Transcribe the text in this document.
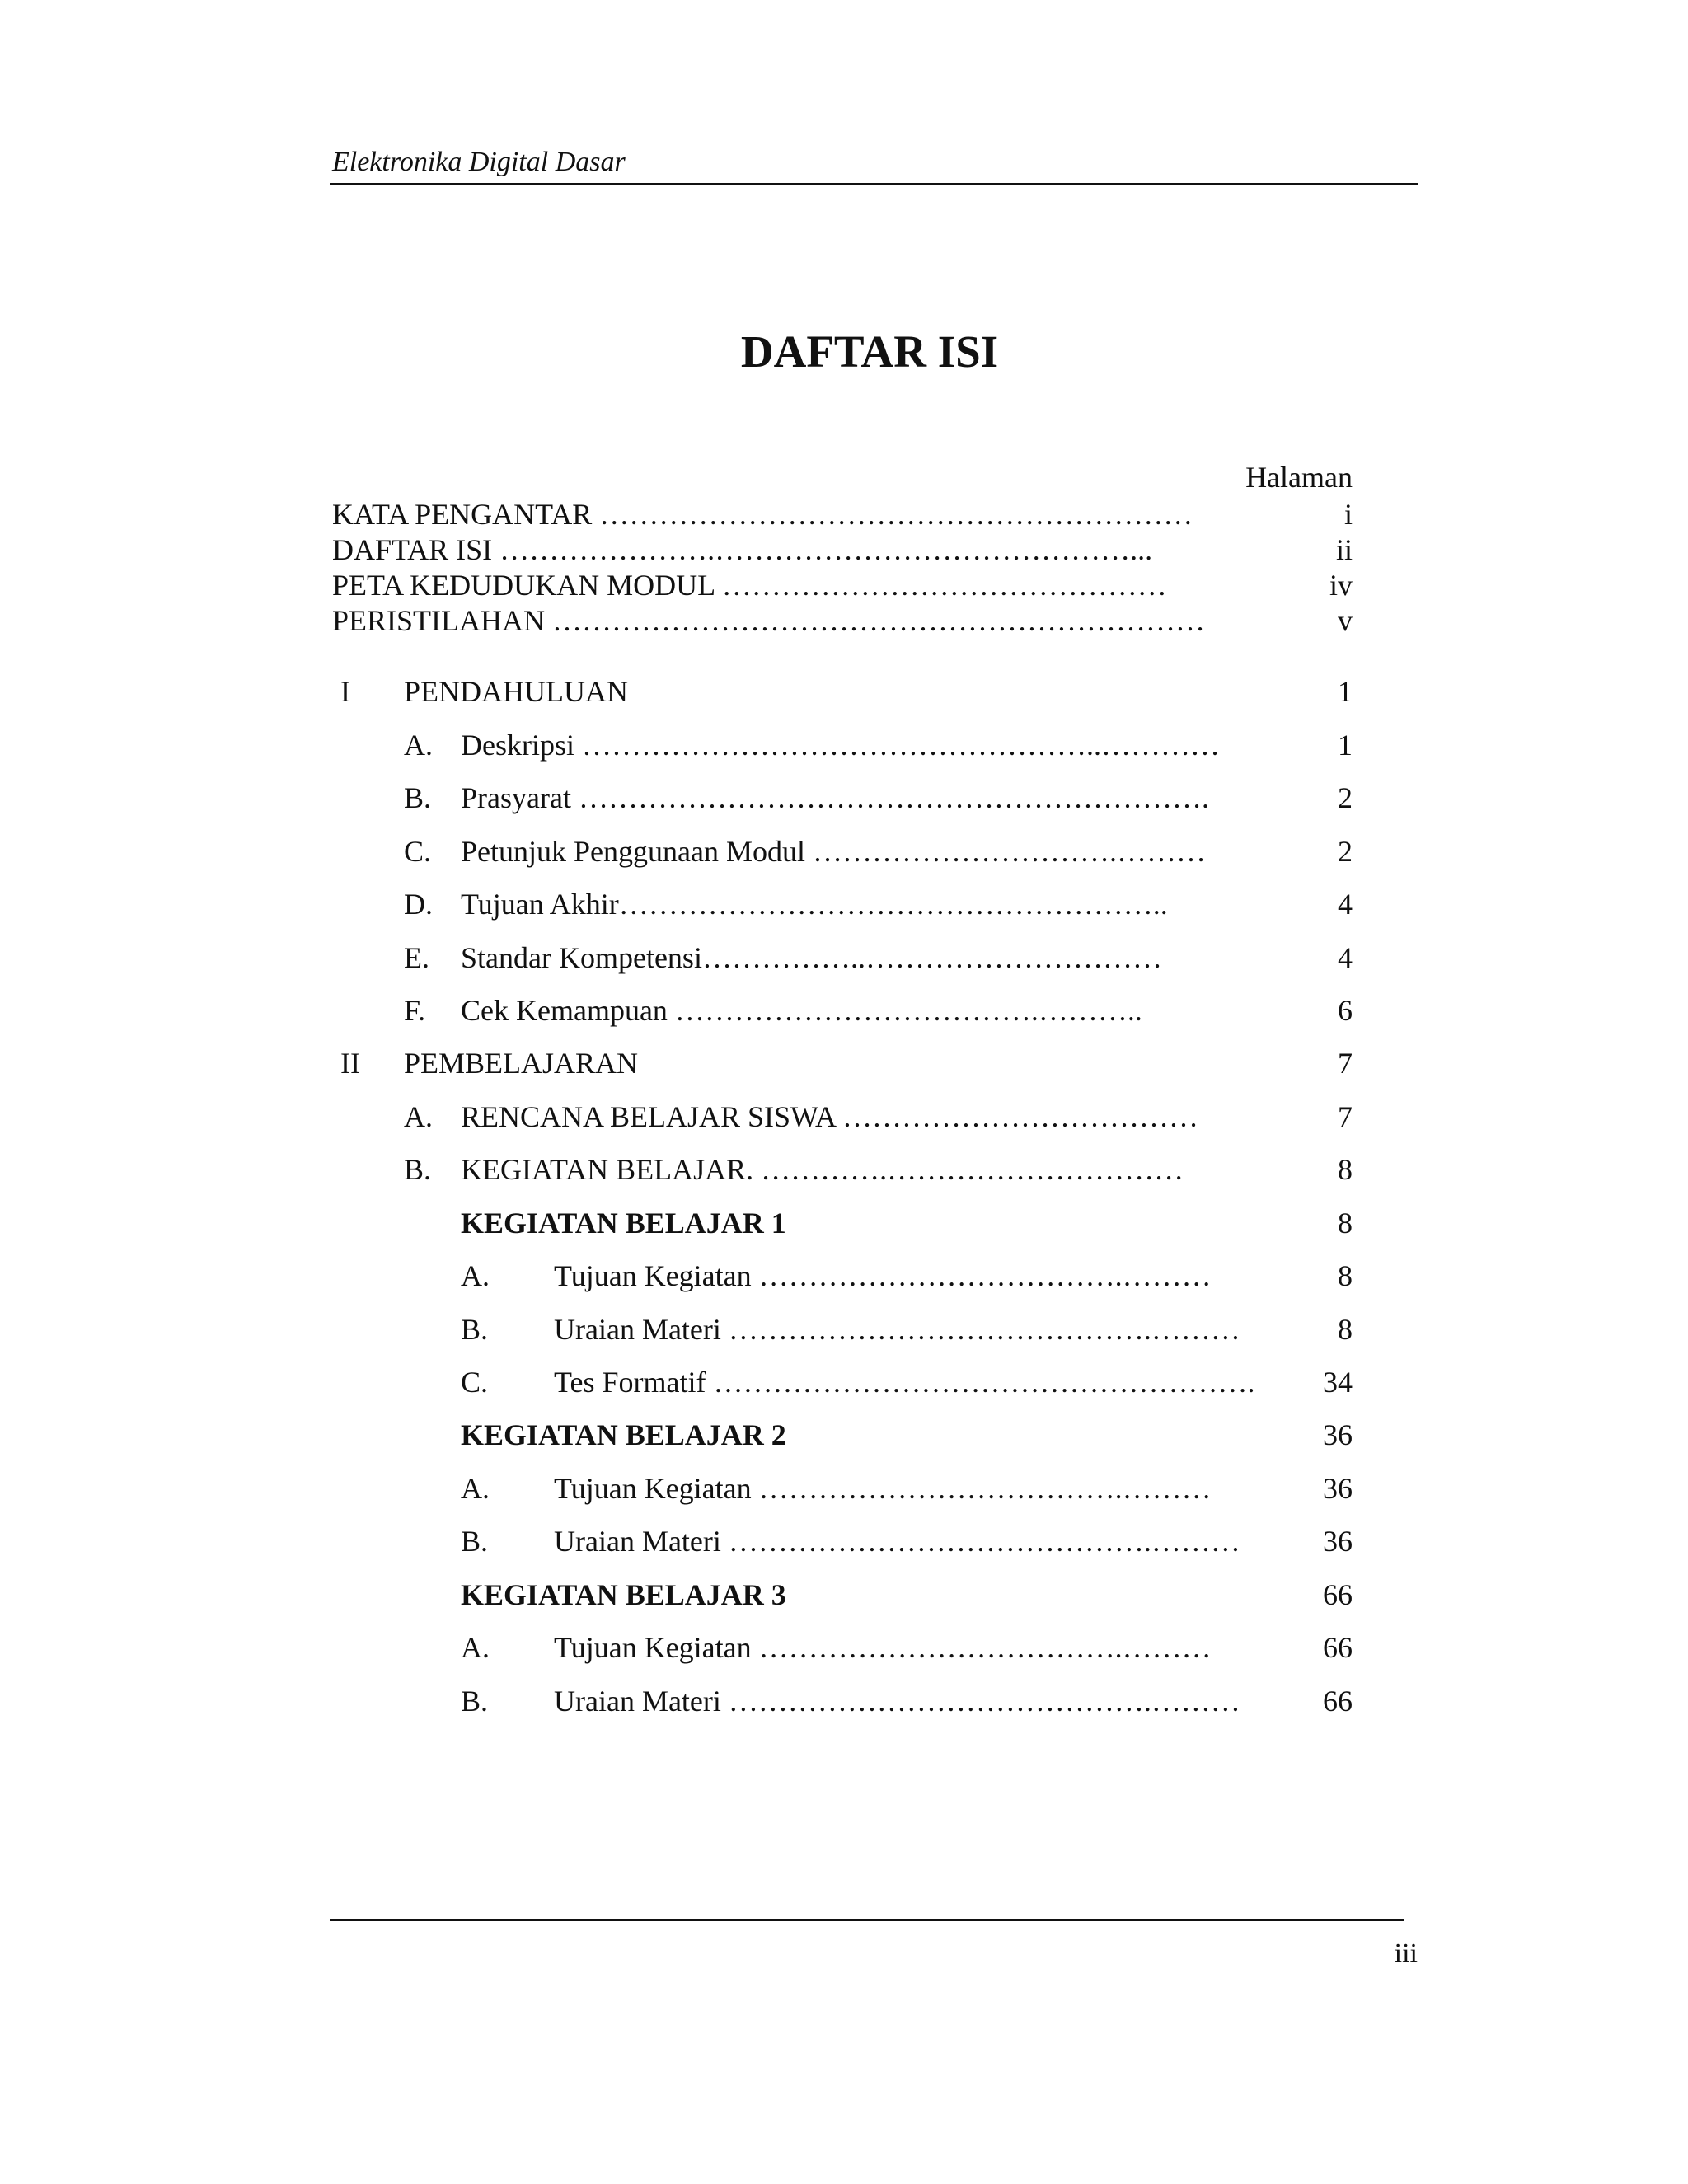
Elektronika Digital Dasar
DAFTAR ISI
Halaman
KATA PENGANTAR ……………………………………………………	i
DAFTAR ISI ………………….……………………………………...	ii
PETA KEDUDUKAN MODUL ………………………………………	iv
PERISTILAHAN …………………………………………………………	v
I PENDAHULUAN	1
A. Deskripsi ……………………………………………..…………	1
B. Prasyarat ……………………………………………………….	2
C. Petunjuk Penggunaan Modul ………………………….………	2
D. Tujuan Akhir………………………………………………..	4
E. Standar Kompetensi……………..…………………………	4
F. Cek Kemampuan ……………………………….………..	6
II PEMBELAJARAN	7
A. RENCANA BELAJAR SISWA ………………………………	7
B. KEGIATAN BELAJAR. ………….…………………………	8
KEGIATAN BELAJAR 1	8
A. Tujuan Kegiatan ……………………………….………	8
B. Uraian Materi …………………………………….………	8
C. Tes Formatif ………………………………………………. 34
KEGIATAN BELAJAR 2	36
A. Tujuan Kegiatan ……………………………….………	36
B. Uraian Materi …………………………………….………	36
KEGIATAN BELAJAR 3	66
A. Tujuan Kegiatan ……………………………….………	66
B. Uraian Materi …………………………………….………	66
iii
